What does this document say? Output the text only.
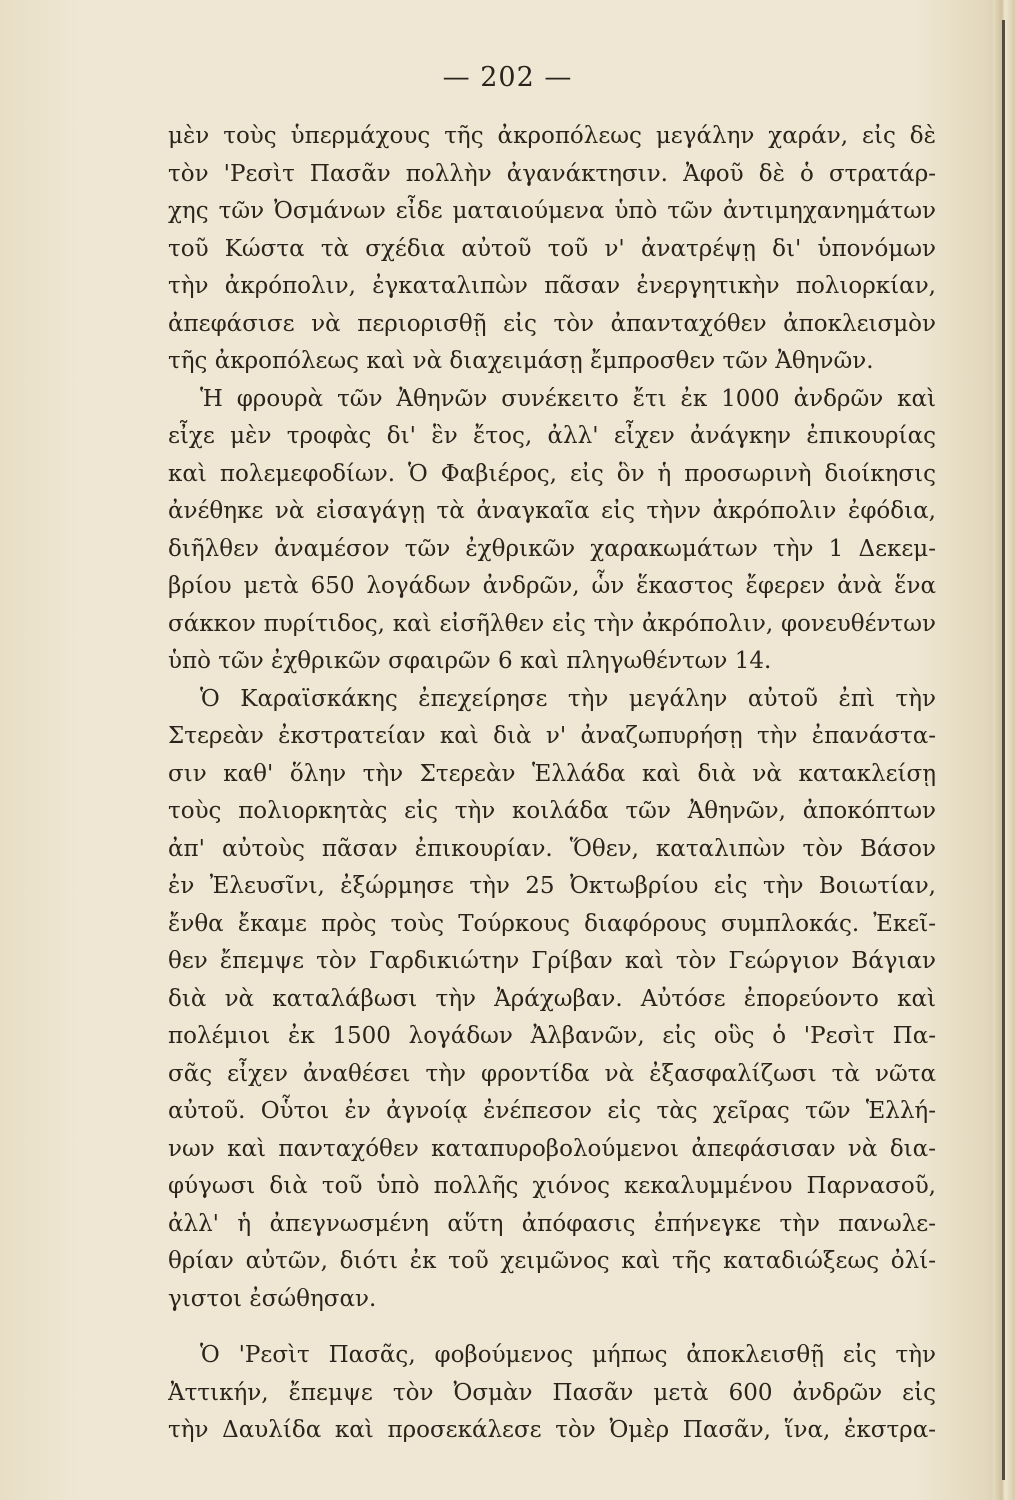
— 202 —
μὲν τοὺς ὑπερμάχους τῆς ἀκροπόλεως μεγάλην χαράν, εἰς δὲ
τὸν 'Ρεσὶτ Πασᾶν πολλὴν ἀγανάκτησιν. Ἀφοῦ δὲ ὁ στρατάρ-
χης τῶν Ὀσμάνων εἶδε ματαιούμενα ὑπὸ τῶν ἀντιμηχανημάτων
τοῦ Κώστα τὰ σχέδια αὐτοῦ τοῦ ν' ἀνατρέψῃ δι' ὑπονόμων
τὴν ἀκρόπολιν, ἐγκαταλιπὼν πᾶσαν ἐνεργητικὴν πολιορκίαν,
ἀπεφάσισε νὰ περιορισθῇ εἰς τὸν ἀπανταχόθεν ἀποκλεισμὸν
τῆς ἀκροπόλεως καὶ νὰ διαχειμάσῃ ἔμπροσθεν τῶν Ἀθηνῶν.
Ἡ φρουρὰ τῶν Ἀθηνῶν συνέκειτο ἔτι ἐκ 1000 ἀνδρῶν καὶ
εἶχε μὲν τροφὰς δι' ἓν ἔτος, ἀλλ' εἶχεν ἀνάγκην ἐπικουρίας
καὶ πολεμεφοδίων. Ὁ Φαβιέρος, εἰς ὃν ἡ προσωρινὴ διοίκησις
ἀνέθηκε νὰ εἰσαγάγῃ τὰ ἀναγκαῖα εἰς τὴνν ἀκρόπολιν ἐφόδια,
διῆλθεν ἀναμέσον τῶν ἐχθρικῶν χαρακωμάτων τὴν 1 Δεκεμ-
βρίου μετὰ 650 λογάδων ἀνδρῶν, ὧν ἕκαστος ἔφερεν ἀνὰ ἕνα
σάκκον πυρίτιδος, καὶ εἰσῆλθεν εἰς τὴν ἀκρόπολιν, φονευθέντων
ὑπὸ τῶν ἐχθρικῶν σφαιρῶν 6 καὶ πληγωθέντων 14.
Ὁ Καραϊσκάκης ἐπεχείρησε τὴν μεγάλην αὐτοῦ ἐπὶ τὴν
Στερεὰν ἐκστρατείαν καὶ διὰ ν' ἀναζωπυρήσῃ τὴν ἐπανάστα-
σιν καθ' ὅλην τὴν Στερεὰν Ἑλλάδα καὶ διὰ νὰ κατακλείσῃ
τοὺς πολιορκητὰς εἰς τὴν κοιλάδα τῶν Ἀθηνῶν, ἀποκόπτων
ἀπ' αὐτοὺς πᾶσαν ἐπικουρίαν. Ὅθεν, καταλιπὼν τὸν Βάσον
ἐν Ἐλευσῖνι, ἐξώρμησε τὴν 25 Ὀκτωβρίου εἰς τὴν Βοιωτίαν,
ἔνθα ἔκαμε πρὸς τοὺς Τούρκους διαφόρους συμπλοκάς. Ἐκεῖ-
θεν ἔπεμψε τὸν Γαρδικιώτην Γρίβαν καὶ τὸν Γεώργιον Βάγιαν
διὰ νὰ καταλάβωσι τὴν Ἀράχωβαν. Αὐτόσε ἐπορεύοντο καὶ
πολέμιοι ἐκ 1500 λογάδων Ἀλβανῶν, εἰς οὓς ὁ 'Ρεσὶτ Πα-
σᾶς εἶχεν ἀναθέσει τὴν φροντίδα νὰ ἐξασφαλίζωσι τὰ νῶτα
αὐτοῦ. Οὗτοι ἐν ἀγνοίᾳ ἐνέπεσον εἰς τὰς χεῖρας τῶν Ἑλλή-
νων καὶ πανταχόθεν καταπυροβολούμενοι ἀπεφάσισαν νὰ δια-
φύγωσι διὰ τοῦ ὑπὸ πολλῆς χιόνος κεκαλυμμένου Παρνασοῦ,
ἀλλ' ἡ ἀπεγνωσμένη αὕτη ἀπόφασις ἐπήνεγκε τὴν πανωλε-
θρίαν αὐτῶν, διότι ἐκ τοῦ χειμῶνος καὶ τῆς καταδιώξεως ὀλί-
γιστοι ἐσώθησαν.
Ὁ 'Ρεσὶτ Πασᾶς, φοβούμενος μήπως ἀποκλεισθῇ εἰς τὴν
Ἀττικήν, ἔπεμψε τὸν Ὀσμὰν Πασᾶν μετὰ 600 ἀνδρῶν εἰς
τὴν Δαυλίδα καὶ προσεκάλεσε τὸν Ὀμὲρ Πασᾶν, ἵνα, ἐκστρα-
